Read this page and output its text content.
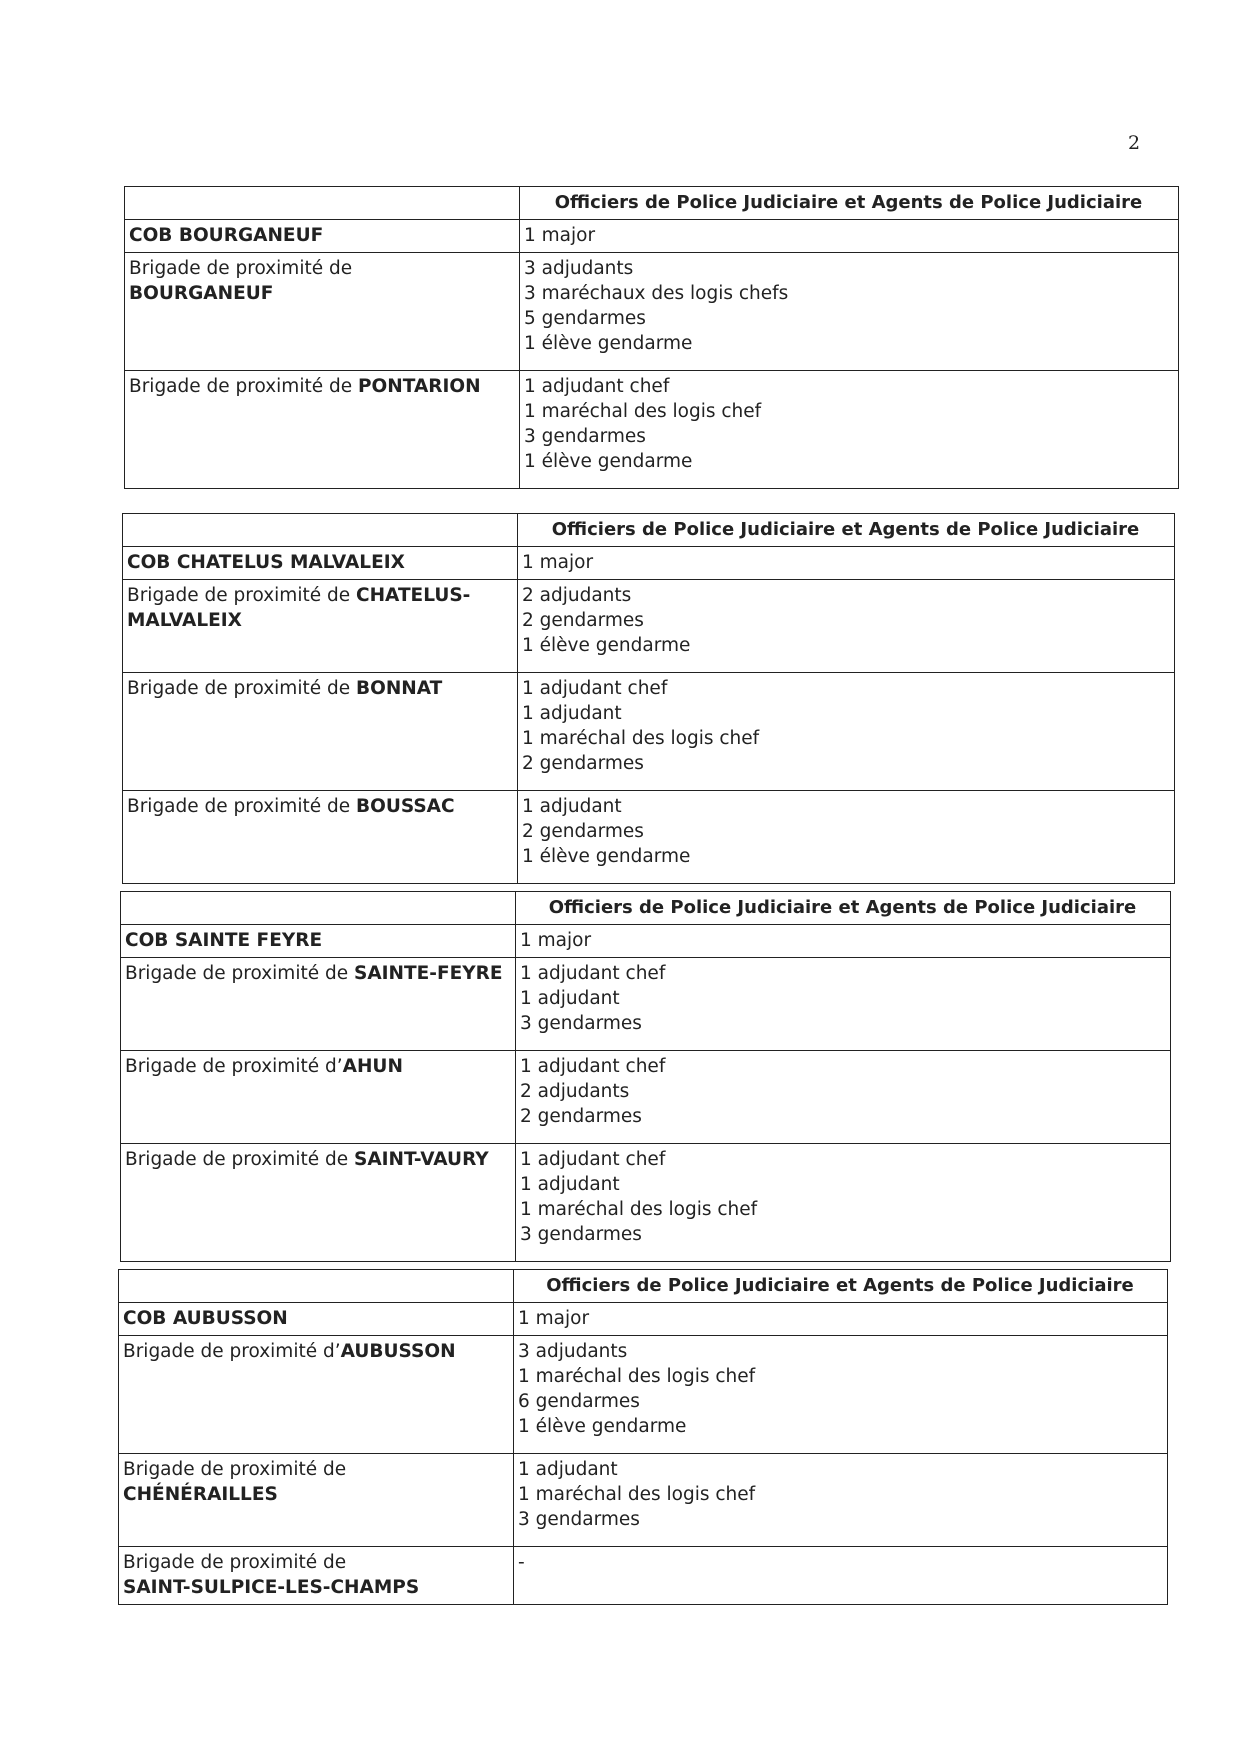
2
	Officiers de Police Judiciaire et Agents de Police Judiciaire
COB BOURGANEUF	1 major
Brigade de proximité de
BOURGANEUF	3 adjudants
3 maréchaux des logis chefs
5 gendarmes
1 élève gendarme

Brigade de proximité de PONTARION	1 adjudant chef
1 maréchal des logis chef
3 gendarmes
1 élève gendarme
	Officiers de Police Judiciaire et Agents de Police Judiciaire
COB CHATELUS MALVALEIX	1 major
Brigade de proximité de CHATELUS-MALVALEIX	2 adjudants
2 gendarmes
1 élève gendarme

Brigade de proximité de BONNAT	1 adjudant chef
1 adjudant
1 maréchal des logis chef
2 gendarmes

Brigade de proximité de BOUSSAC	1 adjudant
2 gendarmes
1 élève gendarme
	Officiers de Police Judiciaire et Agents de Police Judiciaire
COB SAINTE FEYRE	1 major
Brigade de proximité de SAINTE-FEYRE	1 adjudant chef
1 adjudant
3 gendarmes

Brigade de proximité d’AHUN	1 adjudant chef
2 adjudants
2 gendarmes

Brigade de proximité de SAINT-VAURY	1 adjudant chef
1 adjudant
1 maréchal des logis chef
3 gendarmes
	Officiers de Police Judiciaire et Agents de Police Judiciaire
COB AUBUSSON	1 major
Brigade de proximité d’AUBUSSON	3 adjudants
1 maréchal des logis chef
6 gendarmes
1 élève gendarme

Brigade de proximité de
CHÉNÉRAILLES	1 adjudant
1 maréchal des logis chef
3 gendarmes

Brigade de proximité de
SAINT-SULPICE-LES-CHAMPS	-
